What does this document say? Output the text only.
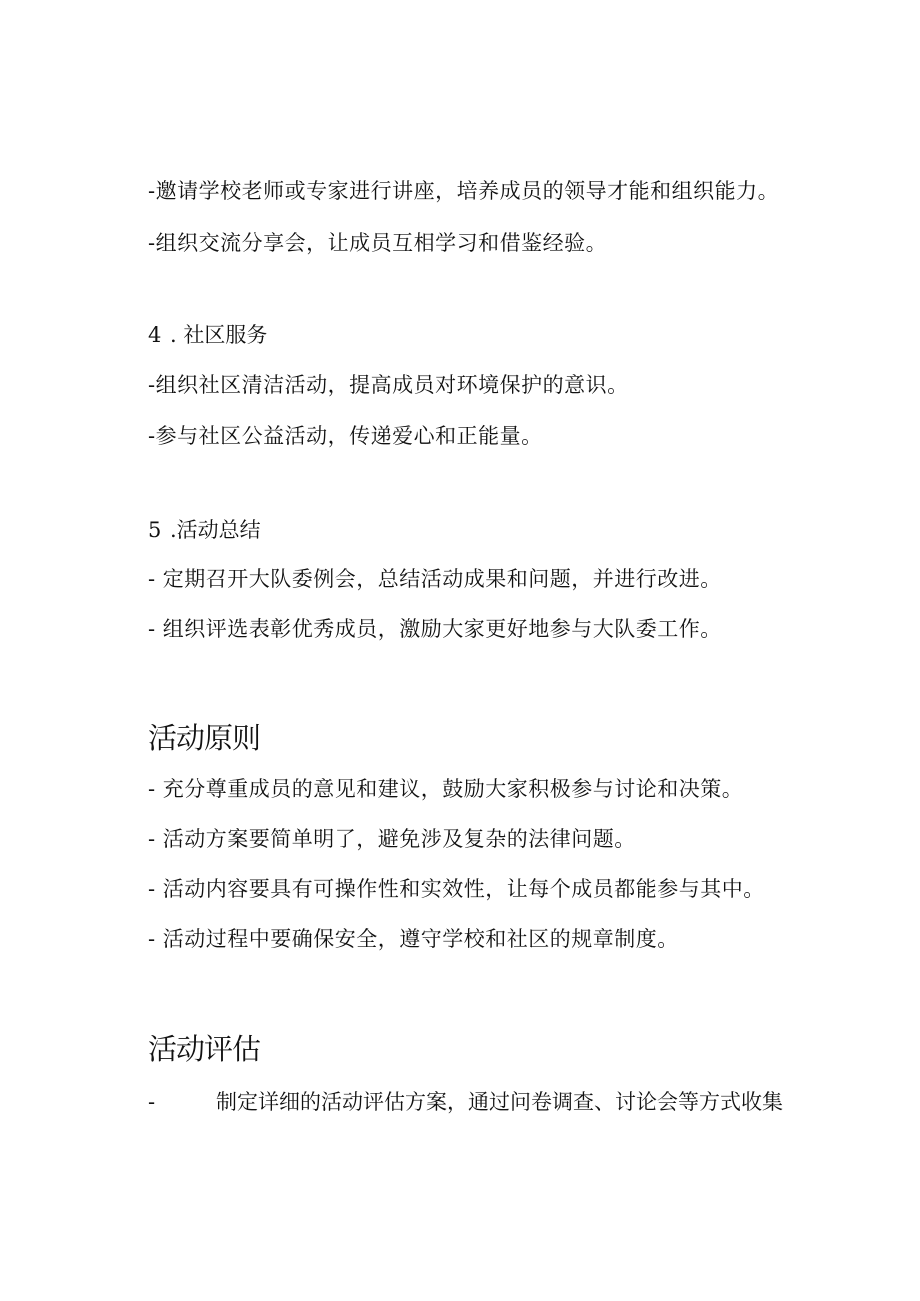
-邀请学校老师或专家进行讲座，培养成员的领导才能和组织能力。
-组织交流分享会，让成员互相学习和借鉴经验。
4 . 社区服务
-组织社区清洁活动，提高成员对环境保护的意识。
-参与社区公益活动，传递爱心和正能量。
5 .活动总结
- 定期召开大队委例会，总结活动成果和问题，并进行改进。
- 组织评选表彰优秀成员，激励大家更好地参与大队委工作。
活动原则
- 充分尊重成员的意见和建议，鼓励大家积极参与讨论和决策。
- 活动方案要简单明了，避免涉及复杂的法律问题。
- 活动内容要具有可操作性和实效性，让每个成员都能参与其中。
- 活动过程中要确保安全，遵守学校和社区的规章制度。
活动评估
-	制定详细的活动评估方案，通过问卷调查、讨论会等方式收集
